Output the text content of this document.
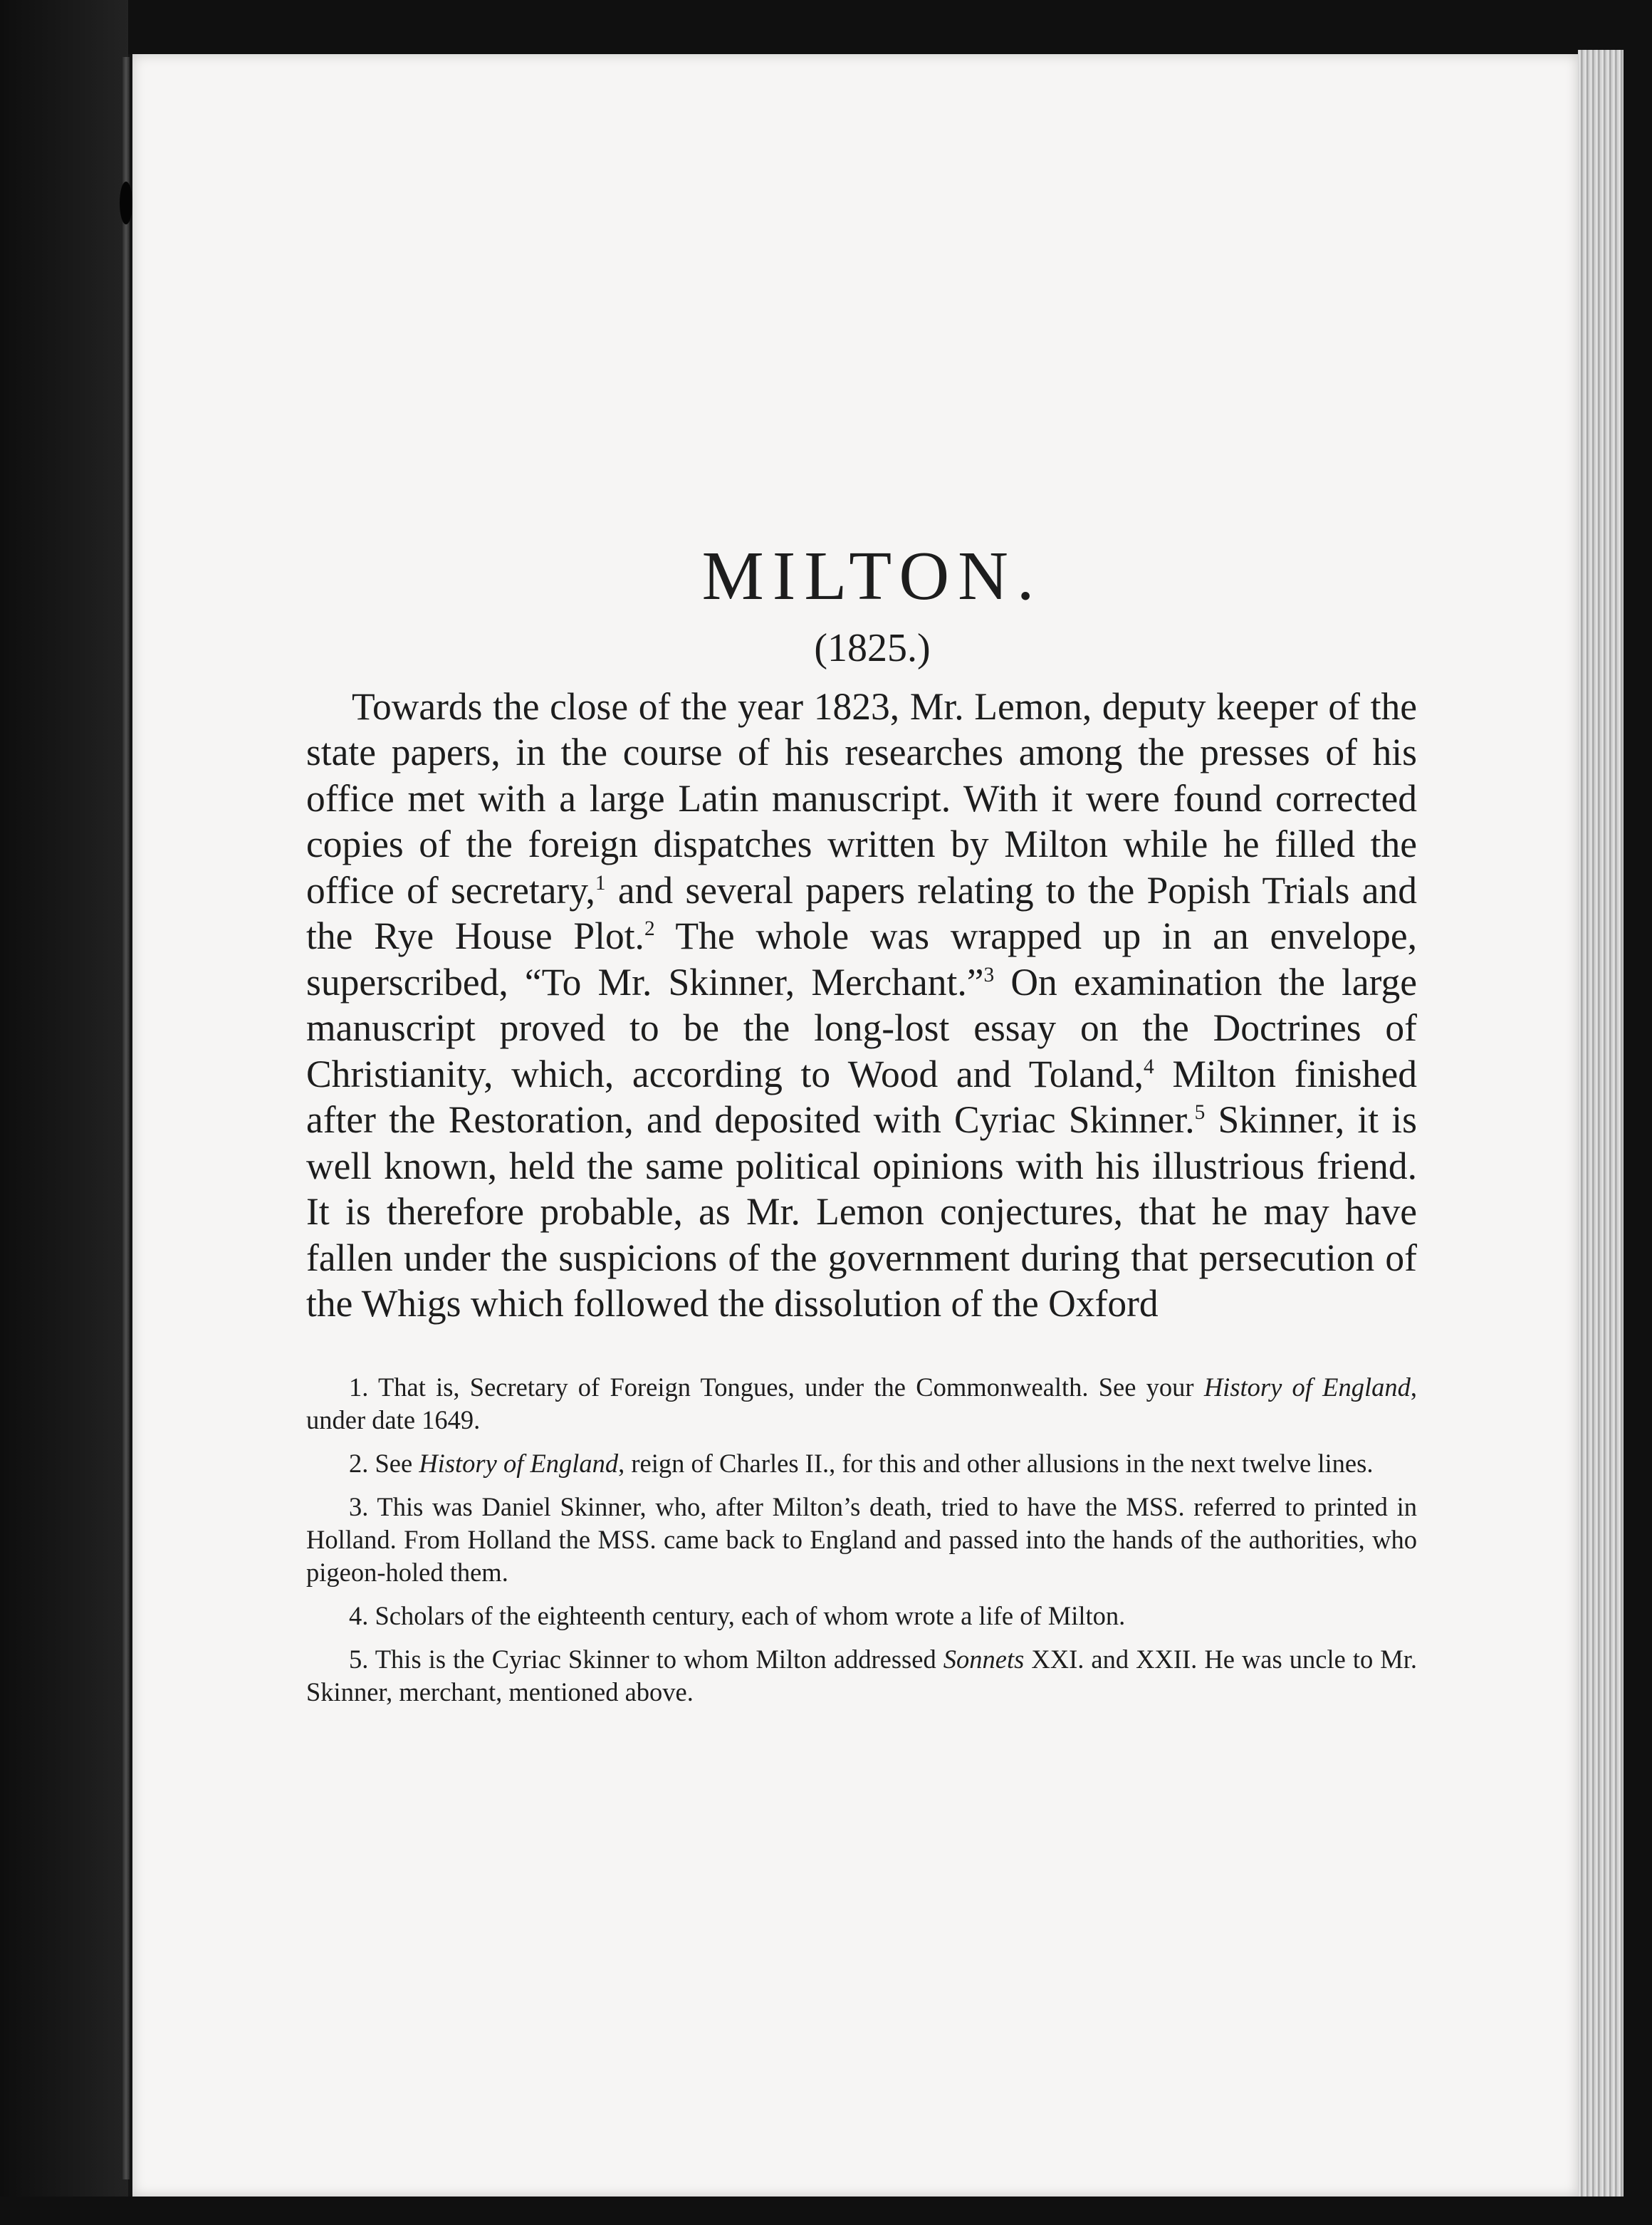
MILTON.
(1825.)

Towards the close of the year 1823, Mr. Lemon, deputy keeper of the state papers, in the course of his researches among the presses of his office met with a large Latin manuscript. With it were found corrected copies of the foreign dispatches written by Milton while he filled the office of secretary,$^1$ and several papers relating to the Popish Trials and the Rye House Plot.$^2$ The whole was wrapped up in an envelope, superscribed, “To Mr. Skinner, Merchant.”$^3$ On examination the large manuscript proved to be the long-lost essay on the Doctrines of Christianity, which, according to Wood and Toland,$^4$ Milton finished after the Restoration, and deposited with Cyriac Skinner.$^5$ Skinner, it is well known, held the same political opinions with his illustrious friend. It is therefore probable, as Mr. Lemon conjectures, that he may have fallen under the suspicions of the government during that persecution of the Whigs which followed the dissolution of the Oxford

1. That is, Secretary of Foreign Tongues, under the Commonwealth. See your History of England, under date 1649.

2. See History of England, reign of Charles II., for this and other allusions in the next twelve lines.

3. This was Daniel Skinner, who, after Milton’s death, tried to have the MSS. referred to printed in Holland. From Holland the MSS. came back to England and passed into the hands of the authorities, who pigeon-holed them.

4. Scholars of the eighteenth century, each of whom wrote a life of Milton.

5. This is the Cyriac Skinner to whom Milton addressed Sonnets XXI. and XXII. He was uncle to Mr. Skinner, merchant, mentioned above.
